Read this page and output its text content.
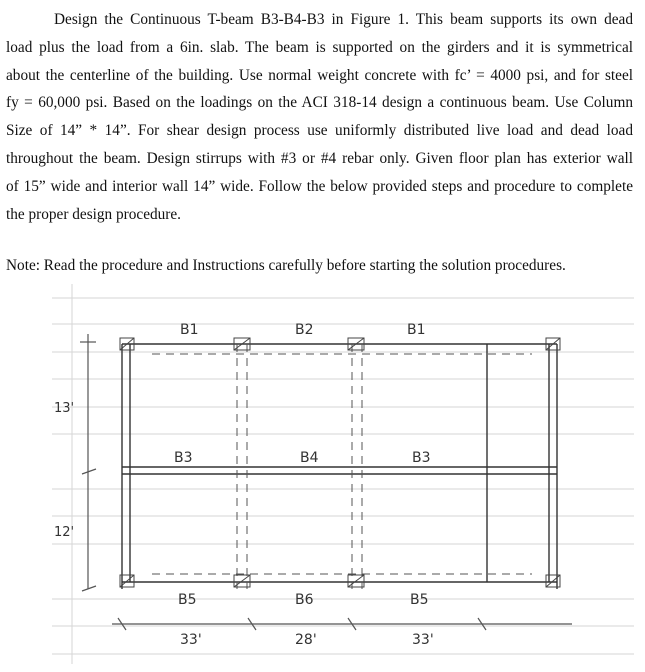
Design the Continuous T-beam B3-B4-B3 in Figure 1. This beam supports its own dead
load plus the load from a 6in. slab. The beam is supported on the girders and it is symmetrical
about the centerline of the building. Use normal weight concrete with fc’ = 4000 psi, and for steel
fy = 60,000 psi. Based on the loadings on the ACI 318-14 design a continuous beam. Use Column
Size of 14” * 14”. For shear design process use uniformly distributed live load and dead load
throughout the beam. Design stirrups with #3 or #4 rebar only. Given floor plan has exterior wall
of 15” wide and interior wall 14” wide. Follow the below provided steps and procedure to complete
the proper design procedure.

Note: Read the procedure and Instructions carefully before starting the solution procedures.

B1	B2	B1
B3	B4	B3
B5	B6	B5
33'	28'	33'
13'
12'
